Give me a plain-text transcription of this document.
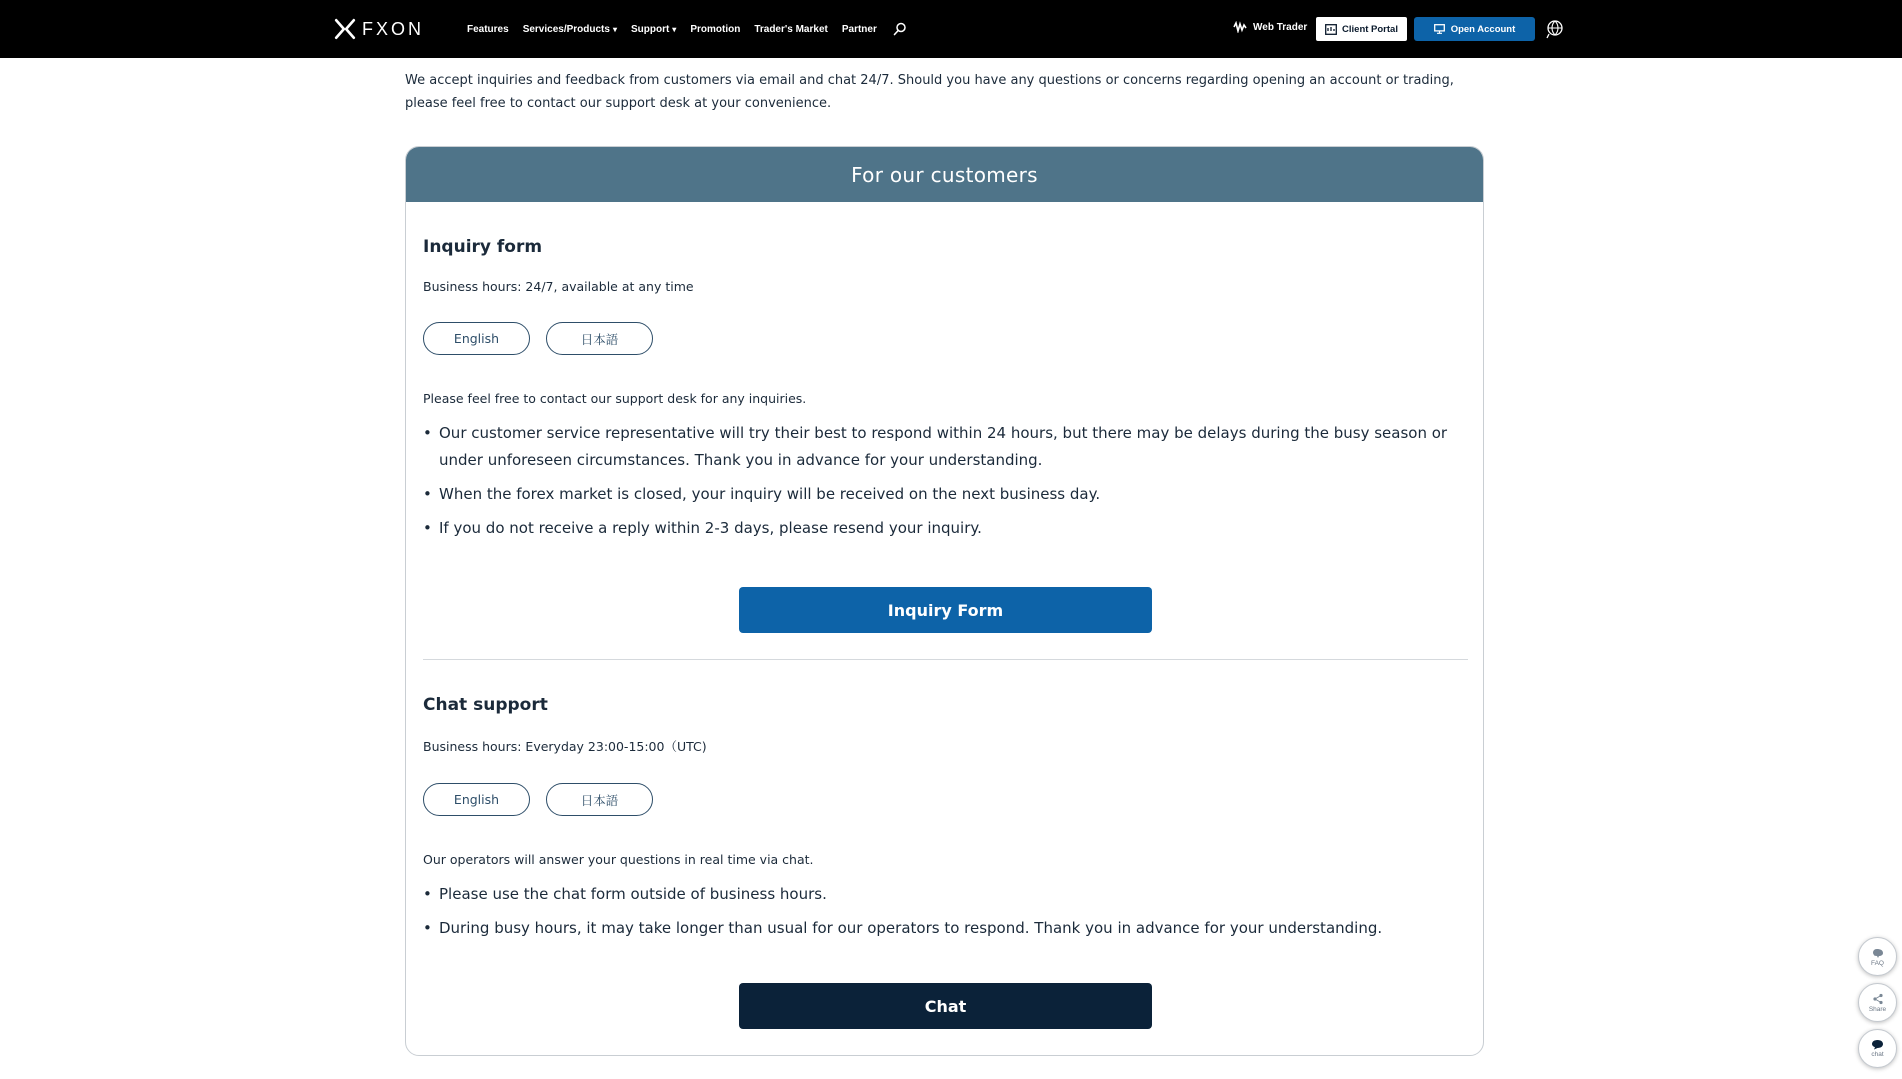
FXON	Features Services/Products ▾ Support ▾ Promotion Trader's Market Partner	Web Trader	Client Portal	Open Account

We accept inquiries and feedback from customers via email and chat 24/7. Should you have any questions or concerns regarding opening an account or trading, please feel free to contact our support desk at your convenience.

For our customers
Inquiry form

Business hours: 24/7, available at any time

English	日本語

Please feel free to contact our support desk for any inquiries.

• Our customer service representative will try their best to respond within 24 hours, but there may be delays during the busy season or under unforeseen circumstances. Thank you in advance for your understanding.
• When the forex market is closed, your inquiry will be received on the next business day.
• If you do not receive a reply within 2-3 days, please resend your inquiry.
Inquiry Form
Chat support

Business hours: Everyday 23:00-15:00（UTC)

English	日本語

Our operators will answer your questions in real time via chat.

• Please use the chat form outside of business hours.
• During busy hours, it may take longer than usual for our operators to respond. Thank you in advance for your understanding.
Chat
FAQ
Share
chat
